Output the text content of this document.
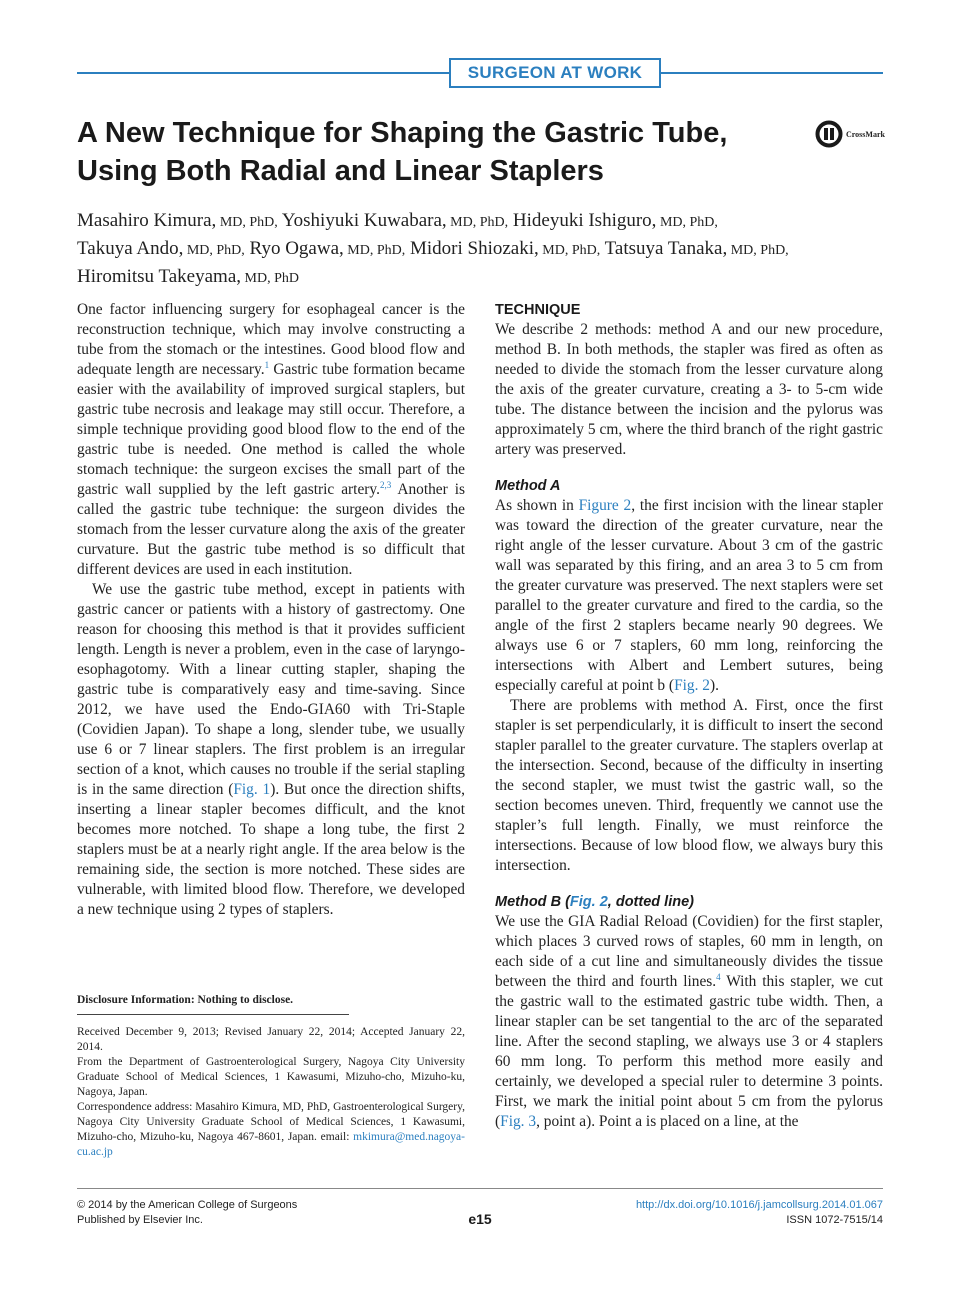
SURGEON AT WORK
A New Technique for Shaping the Gastric Tube,
Using Both Radial and Linear Staplers
CrossMark
Masahiro Kimura, MD, PhD, Yoshiyuki Kuwabara, MD, PhD, Hideyuki Ishiguro, MD, PhD,
Takuya Ando, MD, PhD, Ryo Ogawa, MD, PhD, Midori Shiozaki, MD, PhD, Tatsuya Tanaka, MD, PhD,
Hiromitsu Takeyama, MD, PhD

One factor influencing surgery for esophageal cancer is the reconstruction technique, which may involve constructing a tube from the stomach or the intestines. Good blood flow and adequate length are necessary.$^1$ Gastric tube formation became easier with the availability of improved surgical staplers, but gastric tube necrosis and leakage may still occur. Therefore, a simple technique providing good blood flow to the end of the gastric tube is needed. One method is called the whole stomach technique: the surgeon excises the small part of the gastric wall supplied by the left gastric artery.$^{2,3}$ Another is called the gastric tube technique: the surgeon divides the stomach from the lesser curvature along the axis of the greater curvature. But the gastric tube method is so difficult that different devices are used in each institution.

We use the gastric tube method, except in patients with gastric cancer or patients with a history of gastrectomy. One reason for choosing this method is that it provides sufficient length. Length is never a problem, even in the case of laryngo-esophagotomy. With a linear cutting stapler, shaping the gastric tube is comparatively easy and time-saving. Since 2012, we have used the Endo-GIA60 with Tri-Staple (Covidien Japan). To shape a long, slender tube, we usually use 6 or 7 linear staplers. The first problem is an irregular section of a knot, which causes no trouble if the serial stapling is in the same direction (Fig. 1). But once the direction shifts, inserting a linear stapler becomes difficult, and the knot becomes more notched. To shape a long tube, the first 2 staplers must be at a nearly right angle. If the area below is the remaining side, the section is more notched. These sides are vulnerable, with limited blood flow. Therefore, we developed a new technique using 2 types of staplers.

TECHNIQUE

We describe 2 methods: method A and our new procedure, method B. In both methods, the stapler was fired as often as needed to divide the stomach from the lesser curvature along the axis of the greater curvature, creating a 3- to 5-cm wide tube. The distance between the incision and the pylorus was approximately 5 cm, where the third branch of the right gastric artery was preserved.

Method A

As shown in Figure 2, the first incision with the linear stapler was toward the direction of the greater curvature, near the right angle of the lesser curvature. About 3 cm of the gastric wall was separated by this firing, and an area 3 to 5 cm from the greater curvature was preserved. The next staplers were set parallel to the greater curvature and fired to the cardia, so the angle of the first 2 staplers became nearly 90 degrees. We always use 6 or 7 staplers, 60 mm long, reinforcing the intersections with Albert and Lembert sutures, being especially careful at point b (Fig. 2).

There are problems with method A. First, once the first stapler is set perpendicularly, it is difficult to insert the second stapler parallel to the greater curvature. The staplers overlap at the intersection. Second, because of the difficulty in inserting the second stapler, we must twist the gastric wall, so the section becomes uneven. Third, frequently we cannot use the stapler’s full length. Finally, we must reinforce the intersections. Because of low blood flow, we always bury this intersection.

Method B (Fig. 2, dotted line)

We use the GIA Radial Reload (Covidien) for the first stapler, which places 3 curved rows of staples, 60 mm in length, on each side of a cut line and simultaneously divides the tissue between the third and fourth lines.$^4$ With this stapler, we cut the gastric wall to the estimated gastric tube width. Then, a linear stapler can be set tangential to the arc of the separated line. After the second stapling, we always use 3 or 4 staplers 60 mm long. To perform this method more easily and certainly, we developed a special ruler to determine 3 points. First, we mark the initial point about 5 cm from the pylorus (Fig. 3, point a). Point a is placed on a line, at the

Disclosure Information: Nothing to disclose.

Received December 9, 2013; Revised January 22, 2014; Accepted January 22, 2014.

From the Department of Gastroenterological Surgery, Nagoya City University Graduate School of Medical Sciences, 1 Kawasumi, Mizuho-cho, Mizuho-ku, Nagoya, Japan.

Correspondence address: Masahiro Kimura, MD, PhD, Gastroenterological Surgery, Nagoya City University Graduate School of Medical Sciences, 1 Kawasumi, Mizuho-cho, Mizuho-ku, Nagoya 467-8601, Japan. email: mkimura@med.nagoya-cu.ac.jp

© 2014 by the American College of Surgeons
Published by Elsevier Inc.	e15
http://dx.doi.org/10.1016/j.jamcollsurg.2014.01.067
ISSN 1072-7515/14
